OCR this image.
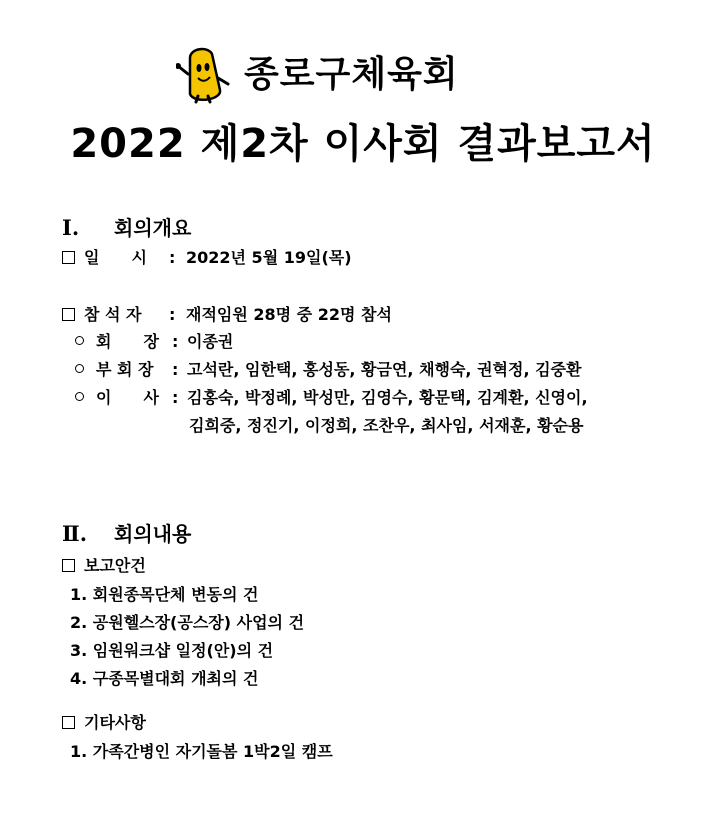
종로구체육회
2022 제2차 이사회 결과보고서
Ⅰ. 회의개요
일　　시 : 2022년 5월 19일(목)
참 석 자 : 재적임원 28명 중 22명 참석
회　　장 : 이종권
부 회 장 : 고석란, 임한택, 홍성동, 황금연, 채행숙, 권혁정, 김중환
이　　사 : 김홍숙, 박정례, 박성만, 김영수, 황문택, 김계환, 신영이,
김희중, 정진기, 이정희, 조찬우, 최사임, 서재훈, 황순용
Ⅱ. 회의내용
보고안건
1. 회원종목단체 변동의 건
2. 공원헬스장(공스장) 사업의 건
3. 임원워크샵 일정(안)의 건
4. 구종목별대회 개최의 건
기타사항
1. 가족간병인 자기돌봄 1박2일 캠프
